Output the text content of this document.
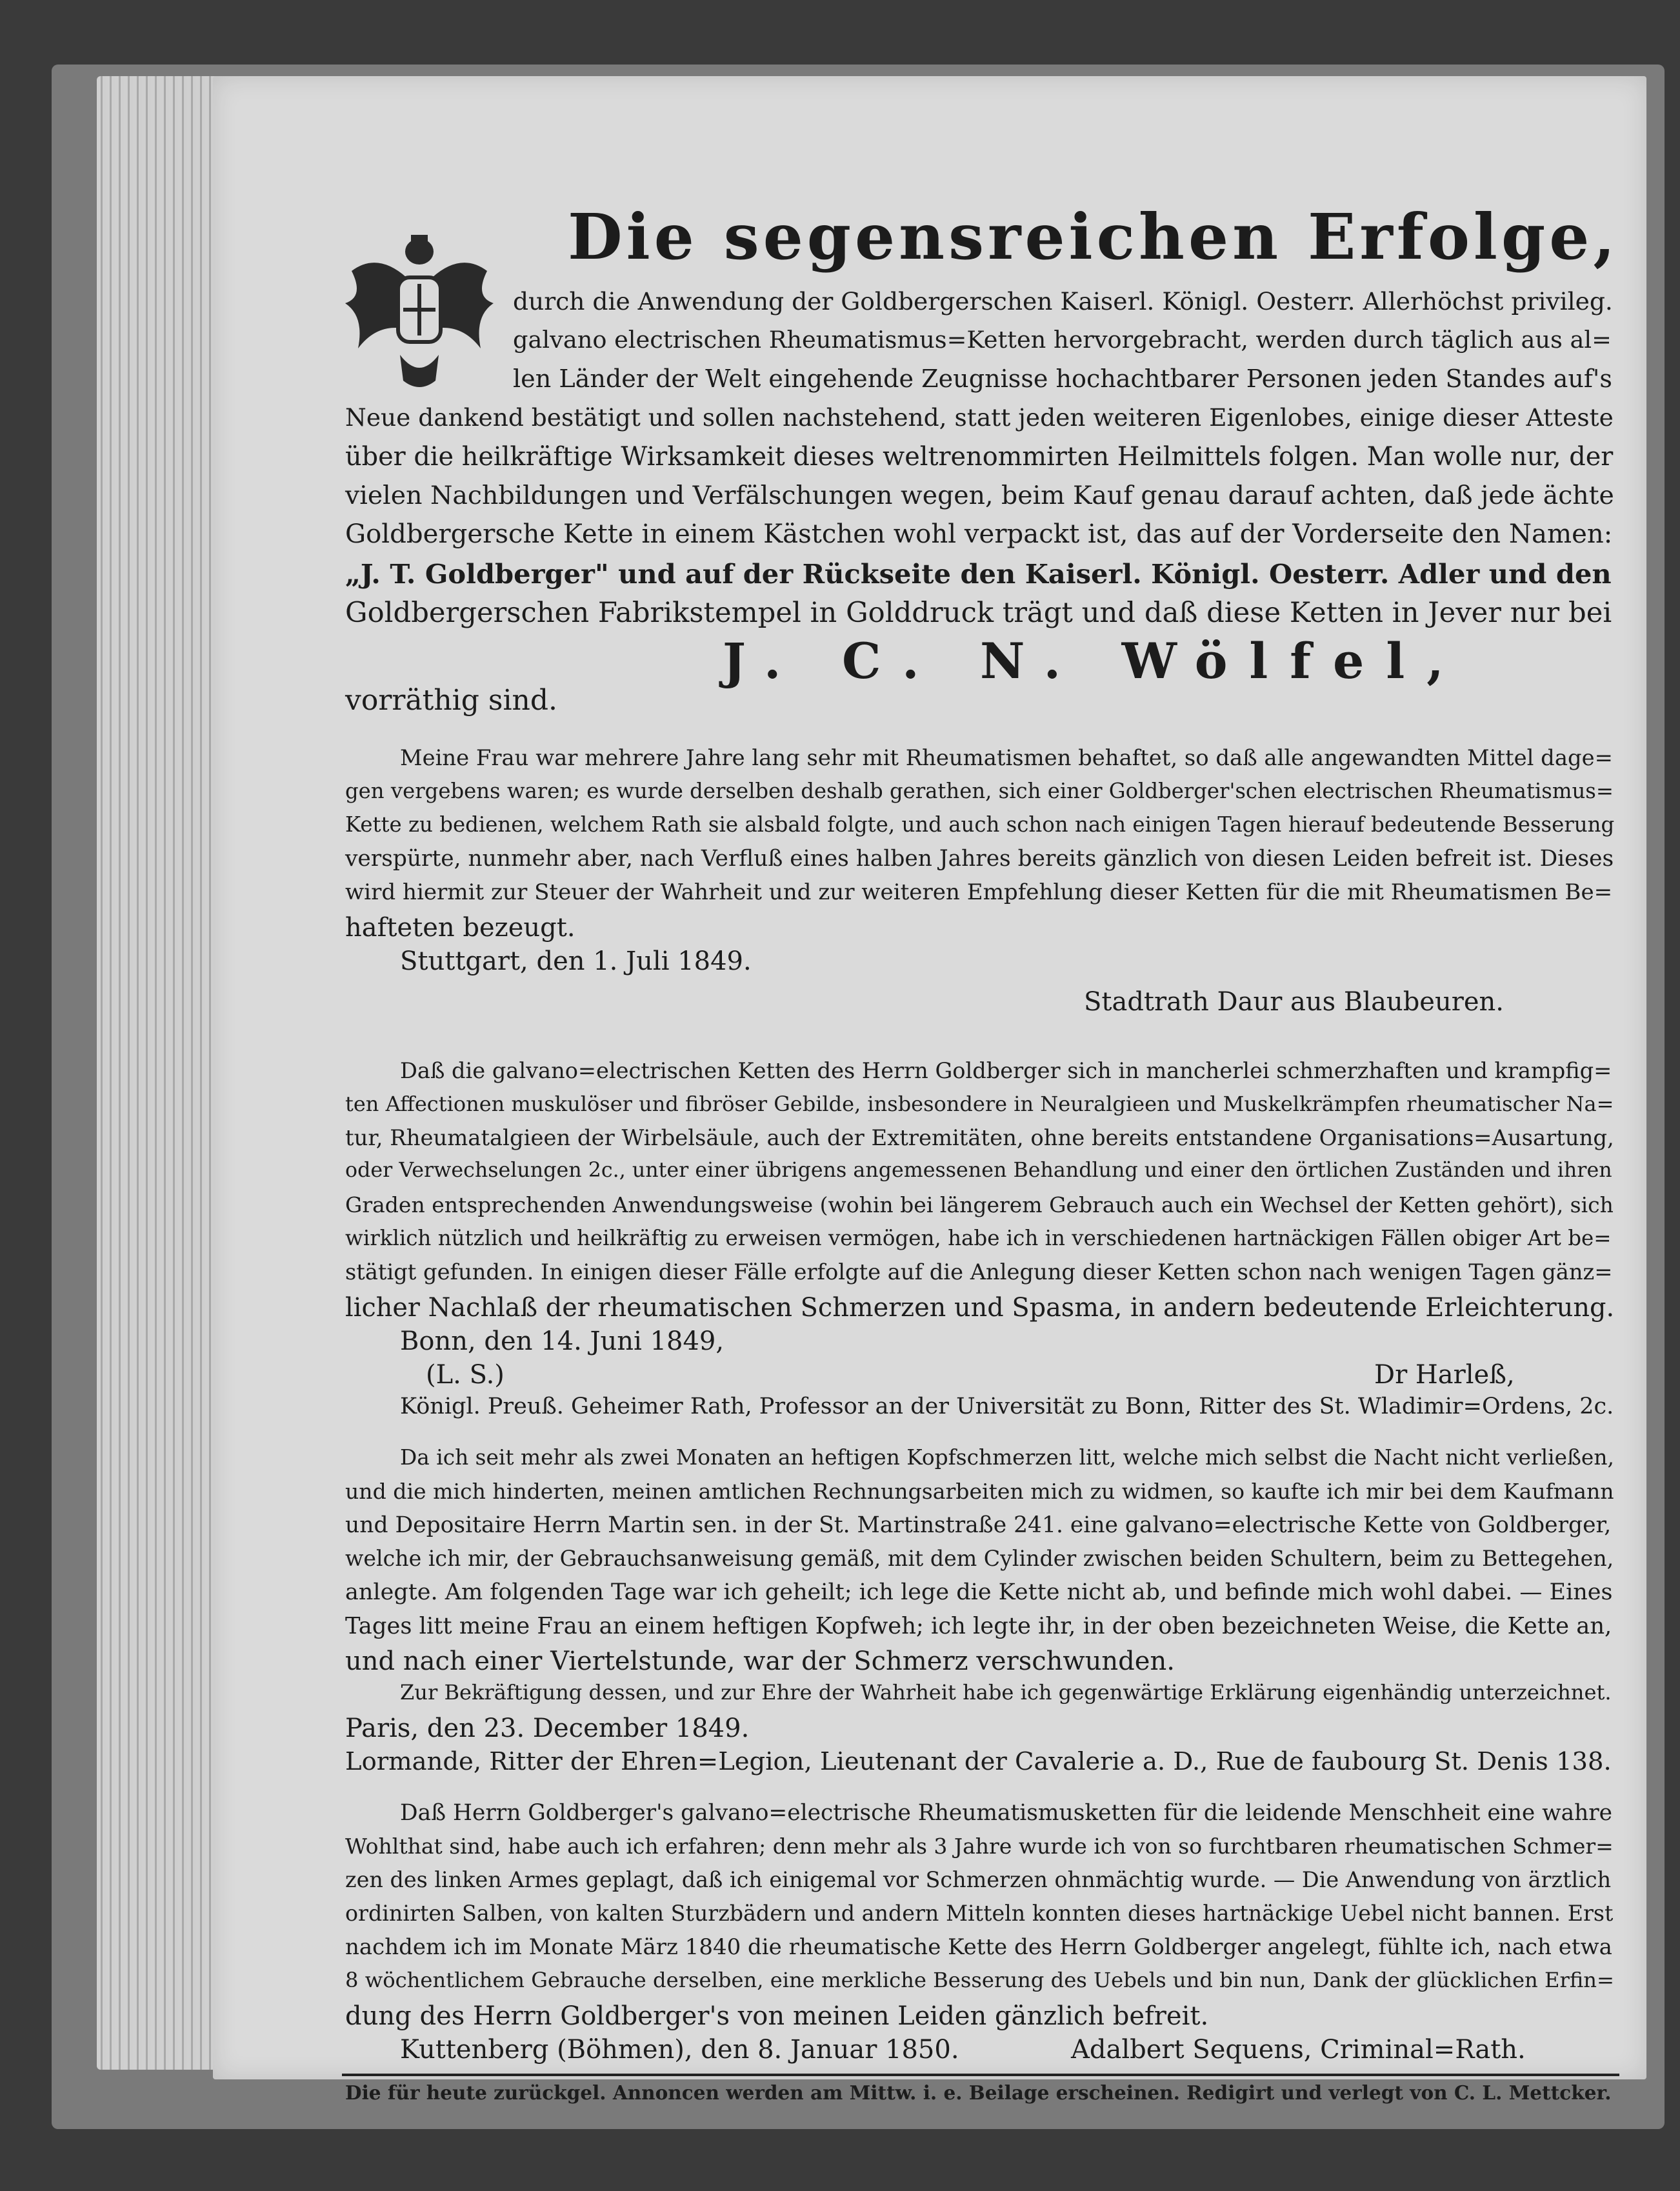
Die segensreichen Erfolge,
durch die Anwendung der Goldbergerschen Kaiserl. Königl. Oesterr. Allerhöchst privileg.
galvano electrischen Rheumatismus=Ketten hervorgebracht, werden durch täglich aus al=
len Länder der Welt eingehende Zeugnisse hochachtbarer Personen jeden Standes auf's
Neue dankend bestätigt und sollen nachstehend, statt jeden weiteren Eigenlobes, einige dieser Atteste
über die heilkräftige Wirksamkeit dieses weltrenommirten Heilmittels folgen. Man wolle nur, der
vielen Nachbildungen und Verfälschungen wegen, beim Kauf genau darauf achten, daß jede ächte
Goldbergersche Kette in einem Kästchen wohl verpackt ist, das auf der Vorderseite den Namen:
„J. T. Goldberger" und auf der Rückseite den Kaiserl. Königl. Oesterr. Adler und den
Goldbergerschen Fabrikstempel in Golddruck trägt und daß diese Ketten in Jever nur bei
J. C. N. Wölfel,
vorräthig sind.
Meine Frau war mehrere Jahre lang sehr mit Rheumatismen behaftet, so daß alle angewandten Mittel dage=
gen vergebens waren; es wurde derselben deshalb gerathen, sich einer Goldberger'schen electrischen Rheumatismus=
Kette zu bedienen, welchem Rath sie alsbald folgte, und auch schon nach einigen Tagen hierauf bedeutende Besserung
verspürte, nunmehr aber, nach Verfluß eines halben Jahres bereits gänzlich von diesen Leiden befreit ist. Dieses
wird hiermit zur Steuer der Wahrheit und zur weiteren Empfehlung dieser Ketten für die mit Rheumatismen Be=
hafteten bezeugt.
Stuttgart, den 1. Juli 1849.
Stadtrath Daur aus Blaubeuren.
Daß die galvano=electrischen Ketten des Herrn Goldberger sich in mancherlei schmerzhaften und krampfig=
ten Affectionen muskulöser und fibröser Gebilde, insbesondere in Neuralgieen und Muskelkrämpfen rheumatischer Na=
tur, Rheumatalgieen der Wirbelsäule, auch der Extremitäten, ohne bereits entstandene Organisations=Ausartung,
oder Verwechselungen 2c., unter einer übrigens angemessenen Behandlung und einer den örtlichen Zuständen und ihren
Graden entsprechenden Anwendungsweise (wohin bei längerem Gebrauch auch ein Wechsel der Ketten gehört), sich
wirklich nützlich und heilkräftig zu erweisen vermögen, habe ich in verschiedenen hartnäckigen Fällen obiger Art be=
stätigt gefunden. In einigen dieser Fälle erfolgte auf die Anlegung dieser Ketten schon nach wenigen Tagen gänz=
licher Nachlaß der rheumatischen Schmerzen und Spasma, in andern bedeutende Erleichterung.
Bonn, den 14. Juni 1849,
(L. S.)	Dr Harleß,
Königl. Preuß. Geheimer Rath, Professor an der Universität zu Bonn, Ritter des St. Wladimir=Ordens, 2c.
Da ich seit mehr als zwei Monaten an heftigen Kopfschmerzen litt, welche mich selbst die Nacht nicht verließen,
und die mich hinderten, meinen amtlichen Rechnungsarbeiten mich zu widmen, so kaufte ich mir bei dem Kaufmann
und Depositaire Herrn Martin sen. in der St. Martinstraße 241. eine galvano=electrische Kette von Goldberger,
welche ich mir, der Gebrauchsanweisung gemäß, mit dem Cylinder zwischen beiden Schultern, beim zu Bettegehen,
anlegte. Am folgenden Tage war ich geheilt; ich lege die Kette nicht ab, und befinde mich wohl dabei. — Eines
Tages litt meine Frau an einem heftigen Kopfweh; ich legte ihr, in der oben bezeichneten Weise, die Kette an,
und nach einer Viertelstunde, war der Schmerz verschwunden.
Zur Bekräftigung dessen, und zur Ehre der Wahrheit habe ich gegenwärtige Erklärung eigenhändig unterzeichnet.
Paris, den 23. December 1849.
Lormande, Ritter der Ehren=Legion, Lieutenant der Cavalerie a. D., Rue de faubourg St. Denis 138.
Daß Herrn Goldberger's galvano=electrische Rheumatismusketten für die leidende Menschheit eine wahre
Wohlthat sind, habe auch ich erfahren; denn mehr als 3 Jahre wurde ich von so furchtbaren rheumatischen Schmer=
zen des linken Armes geplagt, daß ich einigemal vor Schmerzen ohnmächtig wurde. — Die Anwendung von ärztlich
ordinirten Salben, von kalten Sturzbädern und andern Mitteln konnten dieses hartnäckige Uebel nicht bannen. Erst
nachdem ich im Monate März 1840 die rheumatische Kette des Herrn Goldberger angelegt, fühlte ich, nach etwa
8 wöchentlichem Gebrauche derselben, eine merkliche Besserung des Uebels und bin nun, Dank der glücklichen Erfin=
dung des Herrn Goldberger's von meinen Leiden gänzlich befreit.
Kuttenberg (Böhmen), den 8. Januar 1850.	Adalbert Sequens, Criminal=Rath.
Die für heute zurückgel. Annoncen werden am Mittw. i. e. Beilage erscheinen. Redigirt und verlegt von C. L. Mettcker.
